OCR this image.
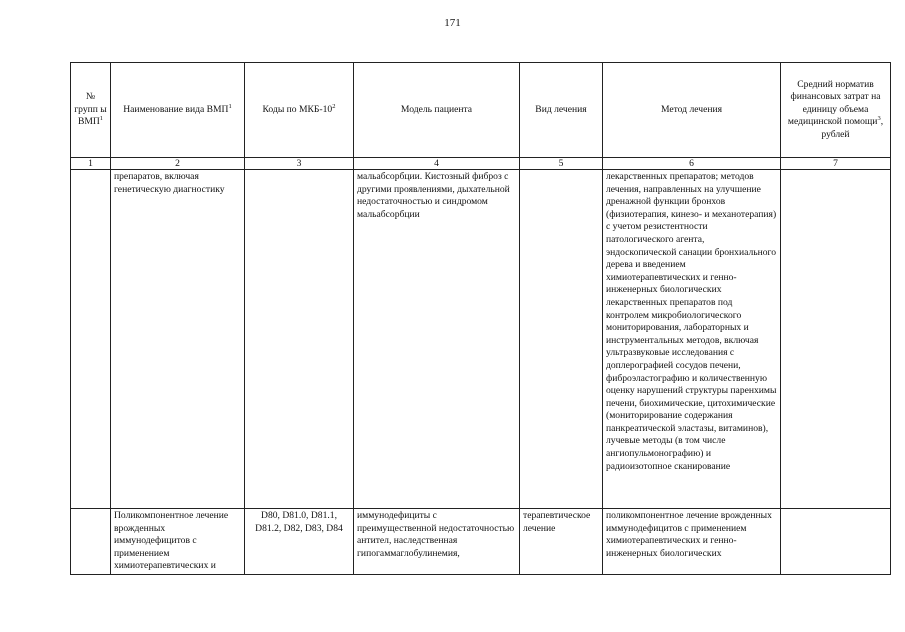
171
№ групп ы ВМП$^1$	Наименование вида ВМП$^1$	Коды по МКБ-$10^2$	Модель пациента	Вид лечения	Метод лечения	Средний норматив финансовых затрат на единицу объема медицинской помощи$^3$, рублей
1	2	3	4	5	6	7
	препаратов, включая генетическую диагностику		мальабсорбции. Кистозный фиброз с другими проявлениями, дыхательной недостаточностью и синдромом мальабсорбции		лекарственных препаратов; методов лечения, направленных на улучшение дренажной функции бронхов (физиотерапия, кинезо- и механотерапия) с учетом резистентности патологического агента, эндоскопической санации бронхиального дерева и введением химиотерапевтических и генно-инженерных биологических лекарственных препаратов под контролем микробиологического мониторирования, лабораторных и инструментальных методов, включая ультразвуковые исследования с доплерографией сосудов печени, фиброэластографию и количественную оценку нарушений структуры паренхимы печени, биохимические, цитохимические (мониторирование содержания панкреатической эластазы, витаминов), лучевые методы (в том числе ангиопульмонографию) и радиоизотопное сканирование	
	Поликомпонентное лечение врожденных иммунодефицитов с применением химиотерапевтических и	D80, D81.0, D81.1, D81.2, D82, D83, D84	иммунодефициты с преимущественной недостаточностью антител, наследственная гипогаммаглобулинемия,	терапевтическое лечение	поликомпонентное лечение врожденных иммунодефицитов с применением химиотерапевтических и генно-инженерных биологических	
